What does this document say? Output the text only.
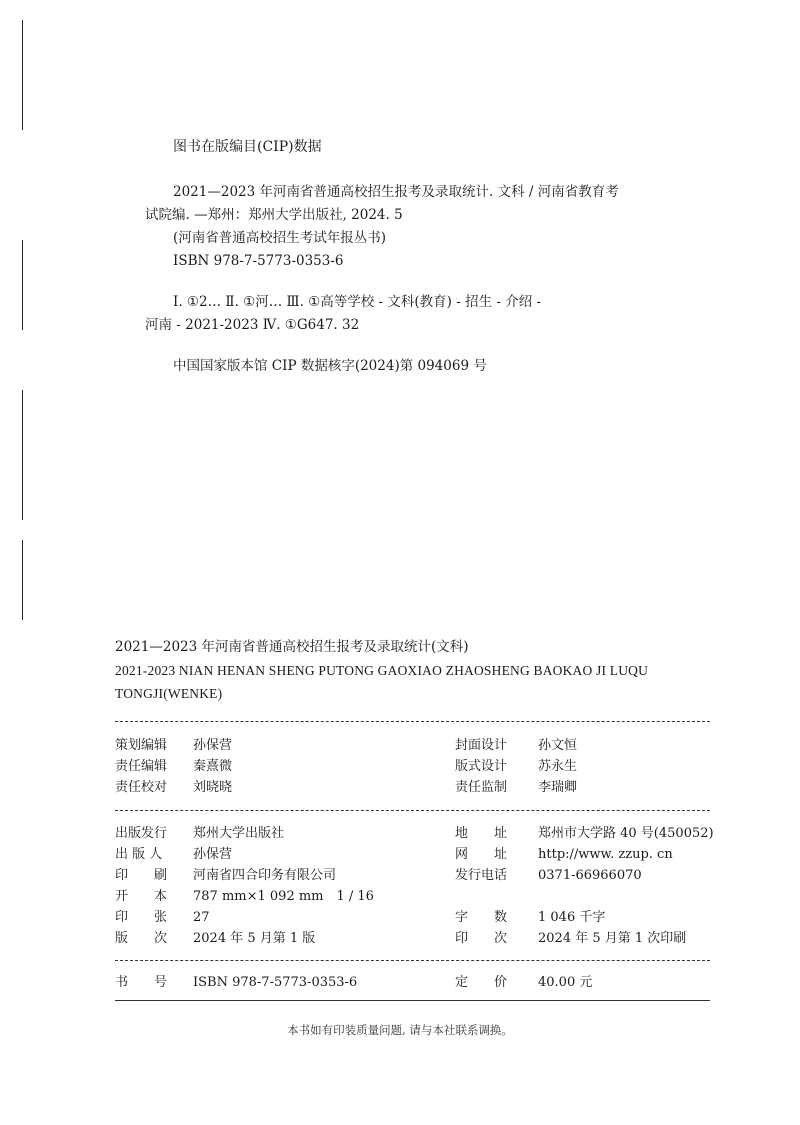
图书在版编目(CIP)数据
2021—2023 年河南省普通高校招生报考及录取统计. 文科 / 河南省教育考
试院编. —郑州：郑州大学出版社, 2024. 5
(河南省普通高校招生考试年报丛书)
ISBN 978-7-5773-0353-6
Ⅰ. ①2… Ⅱ. ①河… Ⅲ. ①高等学校 - 文科(教育) - 招生 - 介绍 -
河南 - 2021-2023 Ⅳ. ①G647. 32
中国国家版本馆 CIP 数据核字(2024)第 094069 号
2021—2023 年河南省普通高校招生报考及录取统计(文科)
2021-2023 NIAN HENAN SHENG PUTONG GAOXIAO ZHAOSHENG BAOKAO JI LUQU
TONGJI(WENKE)
策划编辑	孙保营	封面设计	孙文恒
责任编辑	秦熹微	版式设计	苏永生
责任校对	刘晓晓	责任监制	李瑞卿
出版发行	郑州大学出版社	地　　址	郑州市大学路 40 号(450052)
出 版 人	孙保营	网　　址	http://www. zzup. cn
印　　刷	河南省四合印务有限公司	发行电话	0371-66966070
开　　本	787 mm×1 092 mm　1 / 16
印　　张	27	字　　数	1 046 千字
版　　次	2024 年 5 月第 1 版	印　　次	2024 年 5 月第 1 次印刷
书　　号	ISBN 978-7-5773-0353-6	定　　价	40.00 元
本书如有印装质量问题, 请与本社联系调换。
